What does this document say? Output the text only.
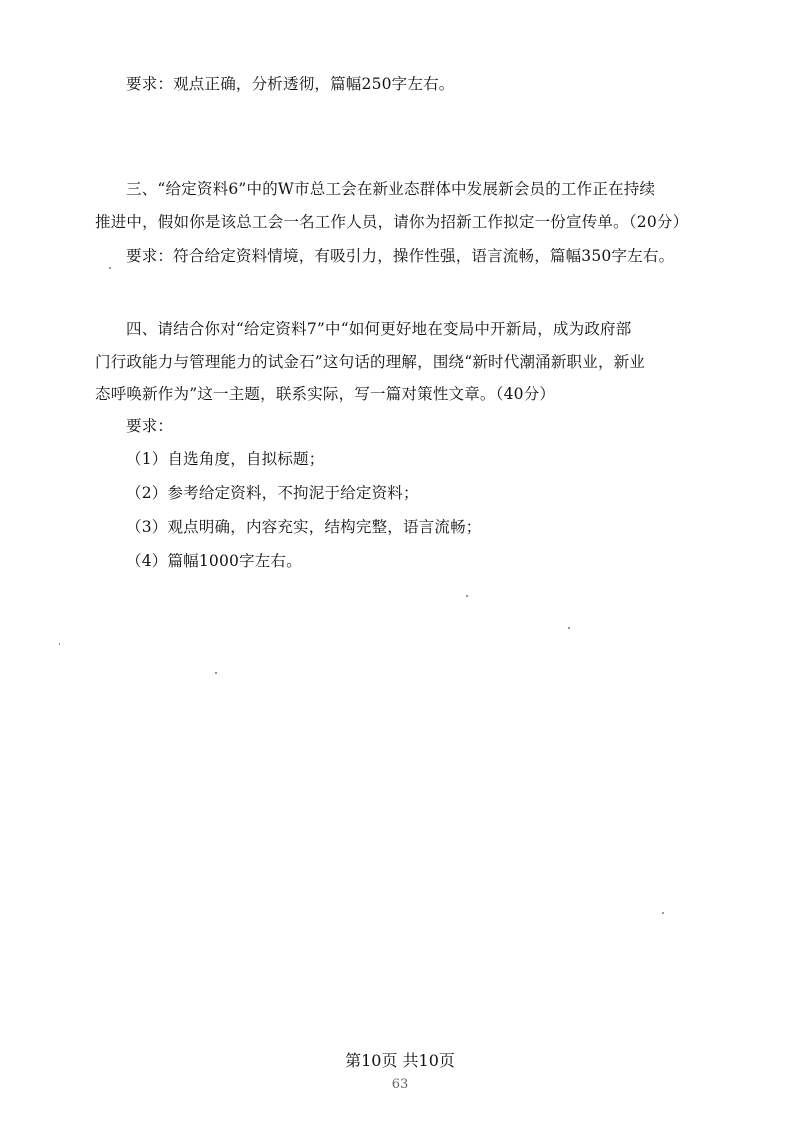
要求：观点正确，分析透彻，篇幅250字左右。
三、“给定资料6”中的W市总工会在新业态群体中发展新会员的工作正在持续
推进中，假如你是该总工会一名工作人员，请你为招新工作拟定一份宣传单。（20分）
要求：符合给定资料情境，有吸引力，操作性强，语言流畅，篇幅350字左右。
四、请结合你对“给定资料7”中“如何更好地在变局中开新局，成为政府部
门行政能力与管理能力的试金石”这句话的理解，围绕“新时代潮涌新职业，新业
态呼唤新作为”这一主题，联系实际，写一篇对策性文章。（40分）
要求：
（1）自选角度，自拟标题；
（2）参考给定资料，不拘泥于给定资料；
（3）观点明确，内容充实，结构完整，语言流畅；
（4）篇幅1000字左右。
第10页 共10页
63
